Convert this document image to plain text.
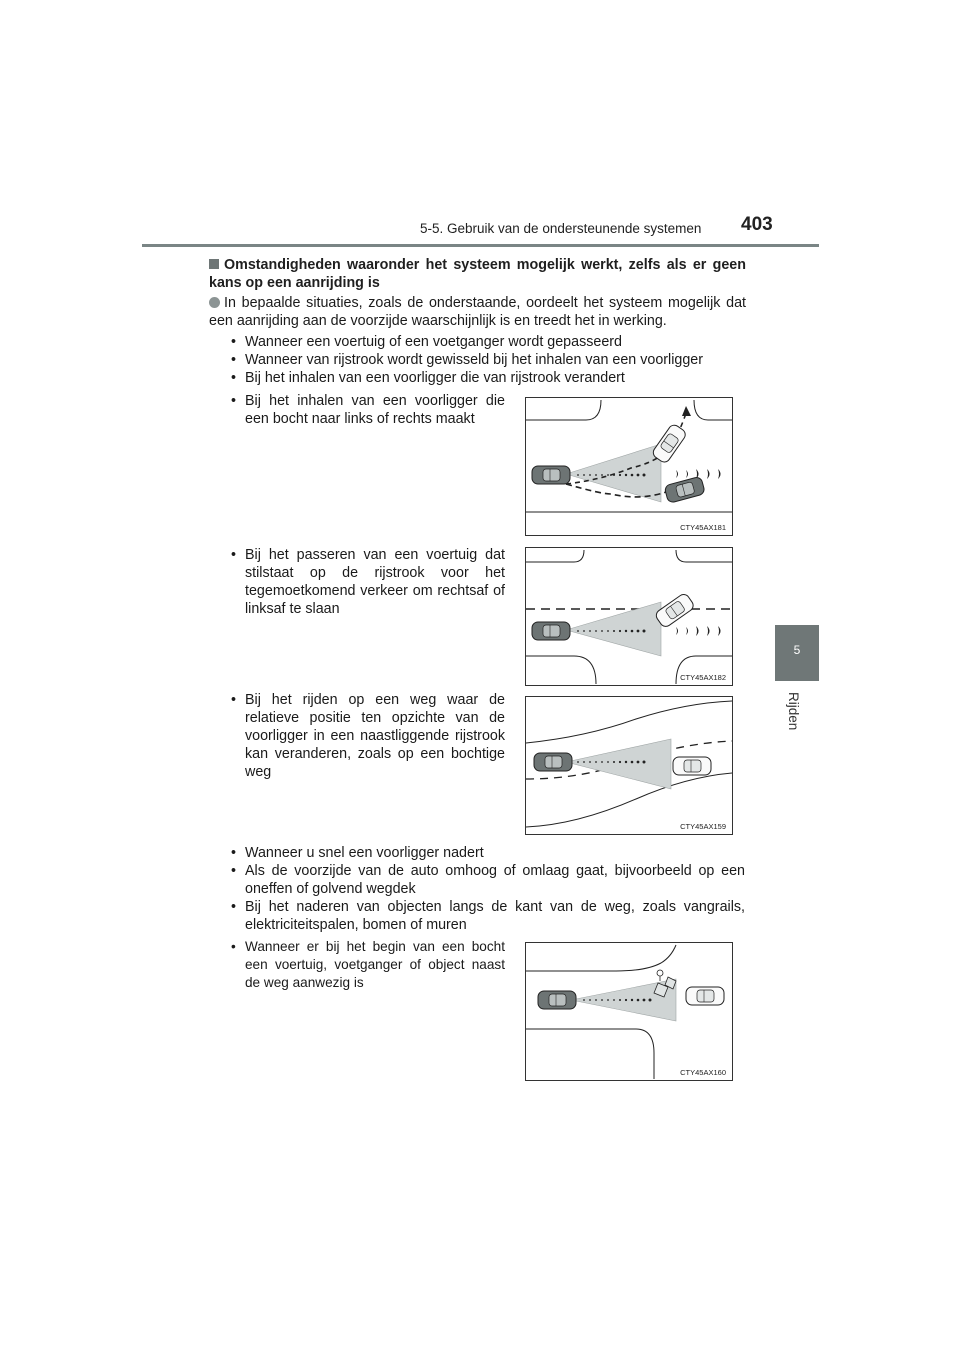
5-5. Gebruik van de ondersteunende systemen 403
5
Rijden
Omstandigheden waaronder het systeem mogelijk werkt, zelfs als er geen kans op een aanrijding is
In bepaalde situaties, zoals de onderstaande, oordeelt het systeem mogelijk dat een aanrijding aan de voorzijde waarschijnlijk is en treedt het in werking.
• Wanneer een voertuig of een voetganger wordt gepasseerd
• Wanneer van rijstrook wordt gewisseld bij het inhalen van een voorligger
• Bij het inhalen van een voorligger die van rijstrook verandert
• Bij het inhalen van een voorligger die een bocht naar links of rechts maakt
CTY45AX181
• Bij het passeren van een voertuig dat stilstaat op de rijstrook voor het tegemoetkomend verkeer om rechtsaf of linksaf te slaan
CTY45AX182
• Bij het rijden op een weg waar de relatieve positie ten opzichte van de voorligger in een naastliggende rijstrook kan veranderen, zoals op een bochtige weg
CTY45AX159
• Wanneer u snel een voorligger nadert
• Als de voorzijde van de auto omhoog of omlaag gaat, bijvoorbeeld op een oneffen of golvend wegdek
• Bij het naderen van objecten langs de kant van de weg, zoals vangrails, elektriciteitspalen, bomen of muren
• Wanneer er bij het begin van een bocht een voertuig, voetganger of object naast de weg aanwezig is
CTY45AX160
